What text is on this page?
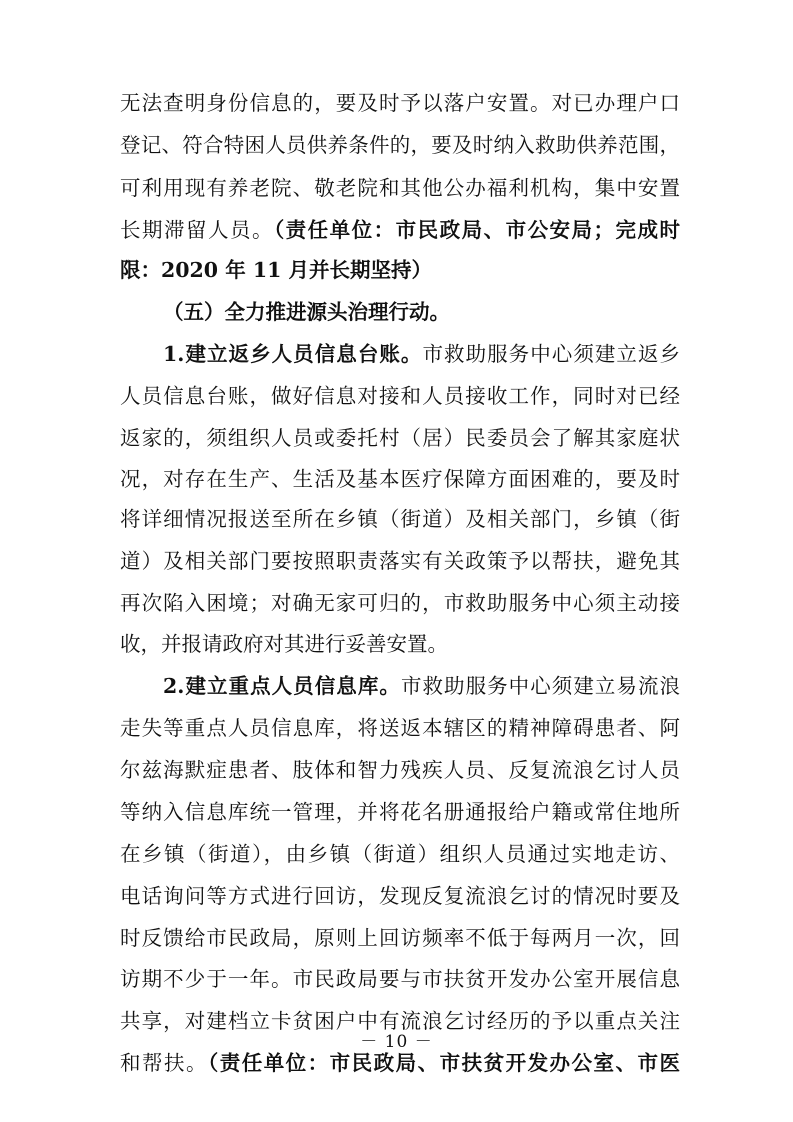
无法查明身份信息的，要及时予以落户安置。对已办理户口
登记、符合特困人员供养条件的，要及时纳入救助供养范围，
可利用现有养老院、敬老院和其他公办福利机构，集中安置
长期滞留人员。（责任单位：市民政局、市公安局；完成时
限：2020 年 11 月并长期坚持）
（五）全力推进源头治理行动。
1.建立返乡人员信息台账。市救助服务中心须建立返乡
人员信息台账，做好信息对接和人员接收工作，同时对已经
返家的，须组织人员或委托村（居）民委员会了解其家庭状
况，对存在生产、生活及基本医疗保障方面困难的，要及时
将详细情况报送至所在乡镇（街道）及相关部门，乡镇（街
道）及相关部门要按照职责落实有关政策予以帮扶，避免其
再次陷入困境；对确无家可归的，市救助服务中心须主动接
收，并报请政府对其进行妥善安置。
2.建立重点人员信息库。市救助服务中心须建立易流浪
走失等重点人员信息库，将送返本辖区的精神障碍患者、阿
尔兹海默症患者、肢体和智力残疾人员、反复流浪乞讨人员
等纳入信息库统一管理，并将花名册通报给户籍或常住地所
在乡镇（街道），由乡镇（街道）组织人员通过实地走访、
电话询问等方式进行回访，发现反复流浪乞讨的情况时要及
时反馈给市民政局，原则上回访频率不低于每两月一次，回
访期不少于一年。市民政局要与市扶贫开发办公室开展信息
共享，对建档立卡贫困户中有流浪乞讨经历的予以重点关注
和帮扶。（责任单位：市民政局、市扶贫开发办公室、市医
－ 10 －
